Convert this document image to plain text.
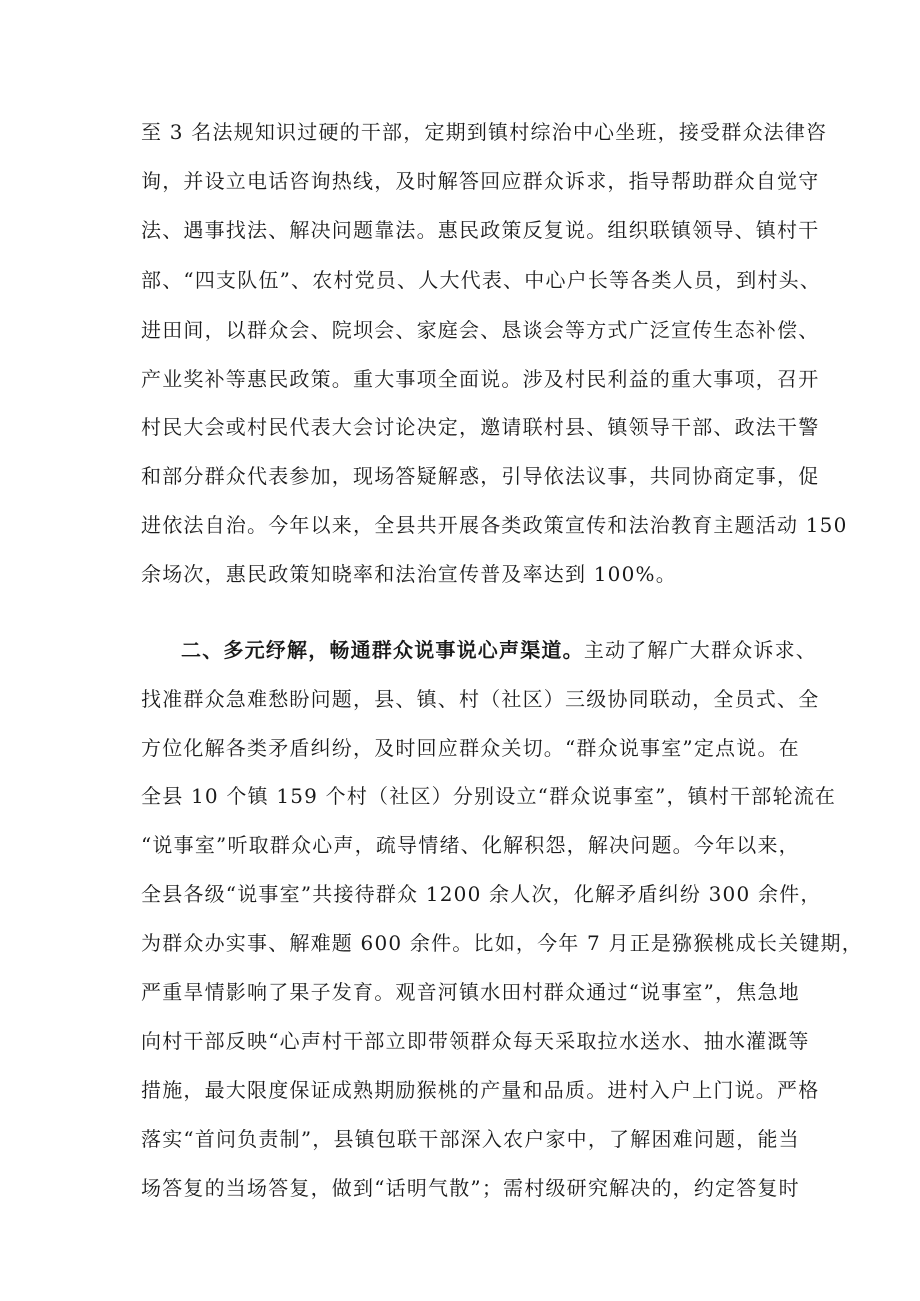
至 3 名法规知识过硬的干部，定期到镇村综治中心坐班，接受群众法律咨
询，并设立电话咨询热线，及时解答回应群众诉求，指导帮助群众自觉守
法、遇事找法、解决问题靠法。惠民政策反复说。组织联镇领导、镇村干
部、“四支队伍”、农村党员、人大代表、中心户长等各类人员，到村头、
进田间，以群众会、院坝会、家庭会、恳谈会等方式广泛宣传生态补偿、
产业奖补等惠民政策。重大事项全面说。涉及村民利益的重大事项，召开
村民大会或村民代表大会讨论决定，邀请联村县、镇领导干部、政法干警
和部分群众代表参加，现场答疑解惑，引导依法议事，共同协商定事，促
进依法自治。今年以来，全县共开展各类政策宣传和法治教育主题活动 150
余场次，惠民政策知晓率和法治宣传普及率达到 100%。
二、多元纾解，畅通群众说事说心声渠道。主动了解广大群众诉求、
找准群众急难愁盼问题，县、镇、村（社区）三级协同联动，全员式、全
方位化解各类矛盾纠纷，及时回应群众关切。“群众说事室”定点说。在
全县 10 个镇 159 个村（社区）分别设立“群众说事室”，镇村干部轮流在
“说事室”听取群众心声，疏导情绪、化解积怨，解决问题。今年以来，
全县各级“说事室”共接待群众 1200 余人次，化解矛盾纠纷 300 余件，
为群众办实事、解难题 600 余件。比如，今年 7 月正是猕猴桃成长关键期，
严重旱情影响了果子发育。观音河镇水田村群众通过“说事室”，焦急地
向村干部反映“心声村干部立即带领群众每天采取拉水送水、抽水灌溉等
措施，最大限度保证成熟期励猴桃的产量和品质。进村入户上门说。严格
落实“首问负责制”，县镇包联干部深入农户家中，了解困难问题，能当
场答复的当场答复，做到“话明气散”；需村级研究解决的，约定答复时
